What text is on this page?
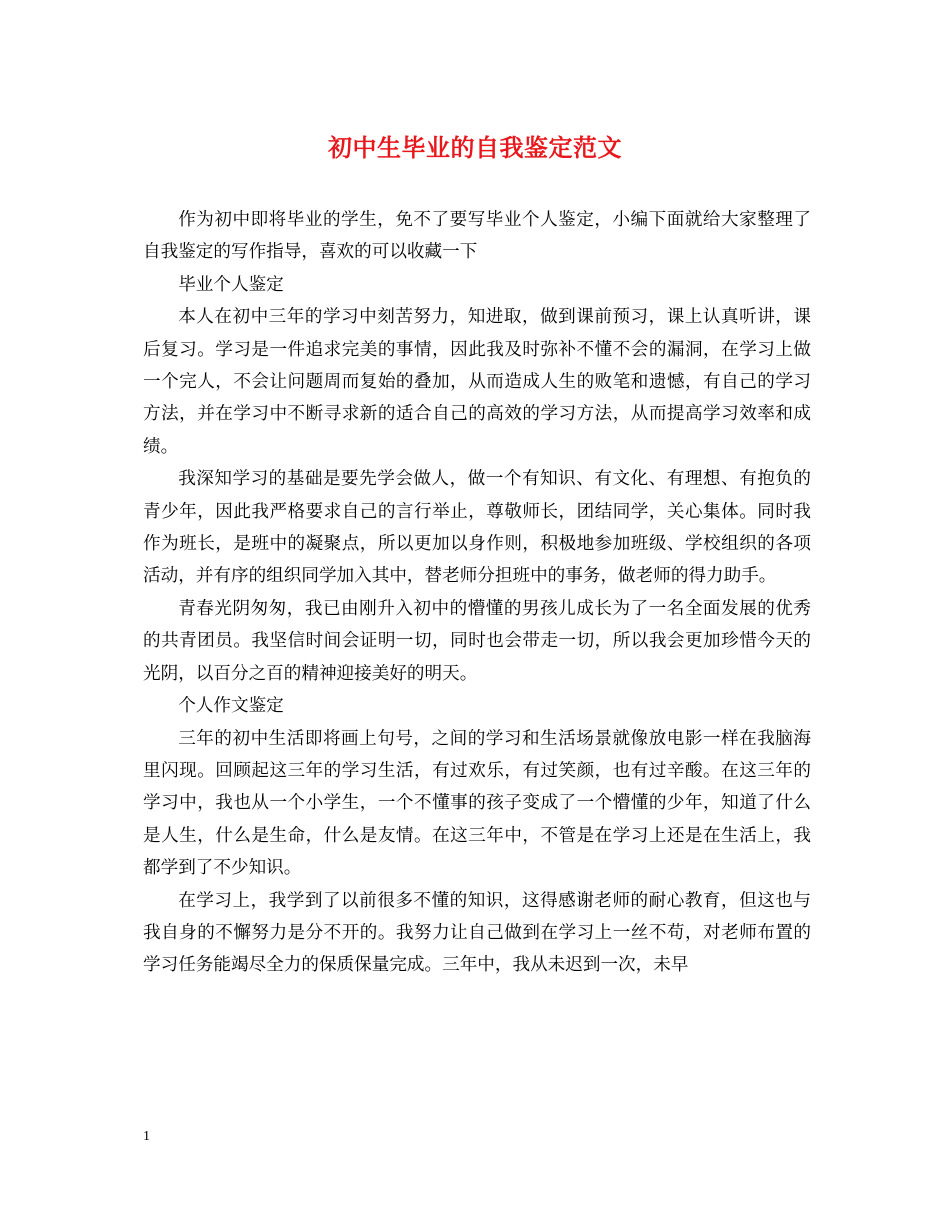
初中生毕业的自我鉴定范文

作为初中即将毕业的学生，免不了要写毕业个人鉴定，小编下面就给大家整理了自我鉴定的写作指导，喜欢的可以收藏一下

毕业个人鉴定

本人在初中三年的学习中刻苦努力，知进取，做到课前预习，课上认真听讲，课后复习。学习是一件追求完美的事情，因此我及时弥补不懂不会的漏洞，在学习上做一个完人，不会让问题周而复始的叠加，从而造成人生的败笔和遗憾，有自己的学习方法，并在学习中不断寻求新的适合自己的高效的学习方法，从而提高学习效率和成绩。

我深知学习的基础是要先学会做人，做一个有知识、有文化、有理想、有抱负的青少年，因此我严格要求自己的言行举止，尊敬师长，团结同学，关心集体。同时我作为班长，是班中的凝聚点，所以更加以身作则，积极地参加班级、学校组织的各项活动，并有序的组织同学加入其中，替老师分担班中的事务，做老师的得力助手。

青春光阴匆匆，我已由刚升入初中的懵懂的男孩儿成长为了一名全面发展的优秀的共青团员。我坚信时间会证明一切，同时也会带走一切，所以我会更加珍惜今天的光阴，以百分之百的精神迎接美好的明天。

个人作文鉴定

三年的初中生活即将画上句号，之间的学习和生活场景就像放电影一样在我脑海里闪现。回顾起这三年的学习生活，有过欢乐，有过笑颜，也有过辛酸。在这三年的学习中，我也从一个小学生，一个不懂事的孩子变成了一个懵懂的少年，知道了什么是人生，什么是生命，什么是友情。在这三年中，不管是在学习上还是在生活上，我都学到了不少知识。

在学习上，我学到了以前很多不懂的知识，这得感谢老师的耐心教育，但这也与我自身的不懈努力是分不开的。我努力让自己做到在学习上一丝不苟，对老师布置的学习任务能竭尽全力的保质保量完成。三年中，我从未迟到一次，未早

1
